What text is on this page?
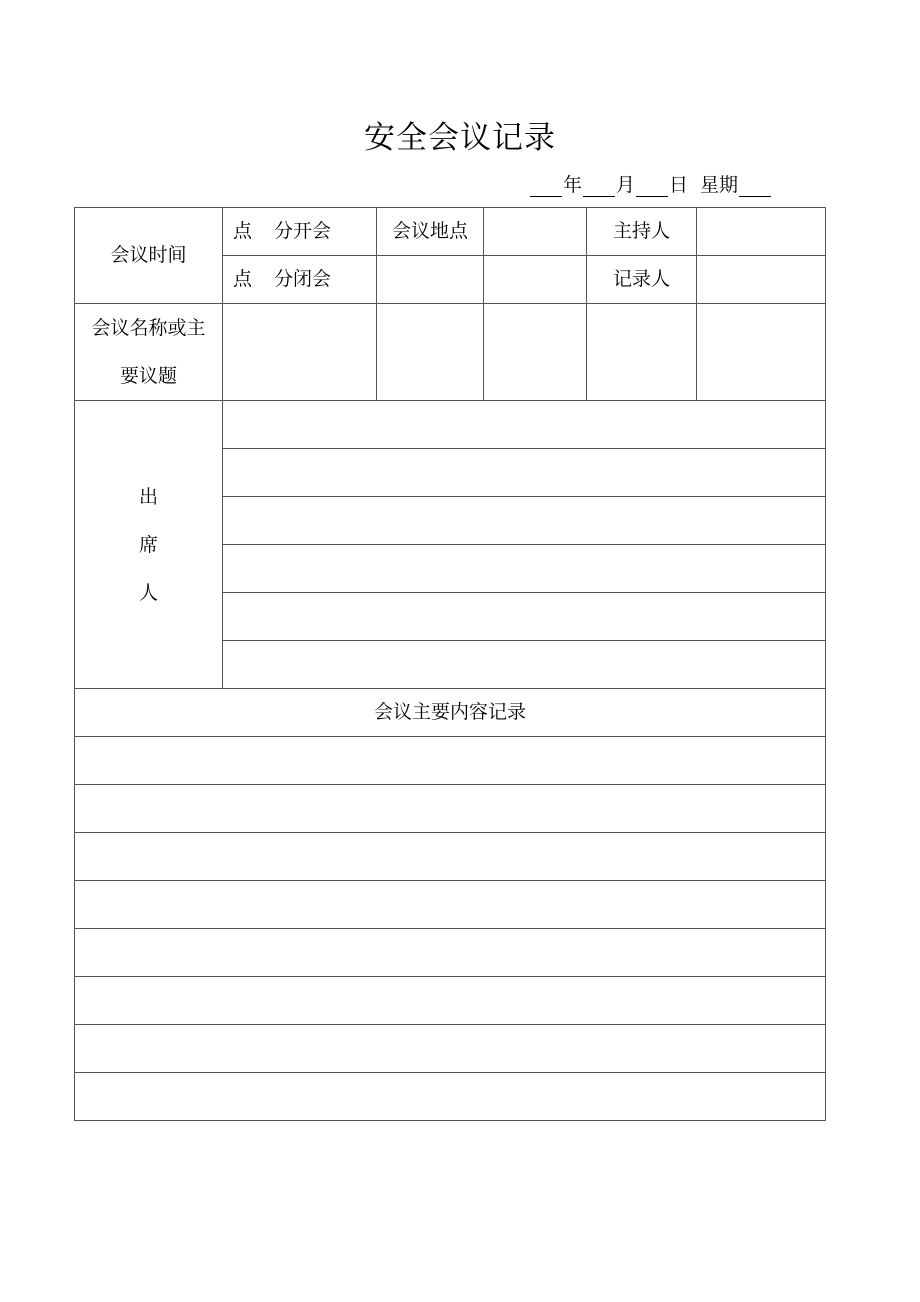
安全会议记录
年 月 日 星期
会议时间	点 分开会	会议地点		主持人	
	点 分闭会			记录人	
会议名称或主
要议题					
出
席
人					

会议主要内容记录					
